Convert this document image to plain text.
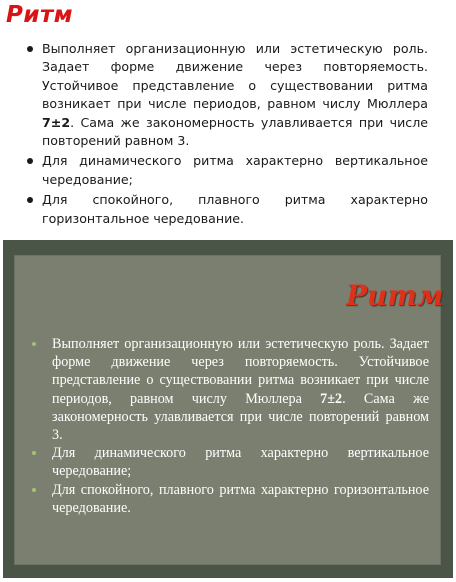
Ритм
Выполняет организационную или эстетическую роль. Задает форме движение через повторяемость. Устойчивое представление о существовании ритма возникает при числе периодов, равном числу Мюллера 7±2. Сама же закономерность улавливается при числе повторений равном 3.
Для динамического ритма характерно вертикальное чередование;
Для спокойного, плавного ритма характерно горизонтальное чередование.
Ритм
Выполняет организационную или эстетическую роль. Задает форме движение через повторяемость. Устойчивое представление о существовании ритма возникает при числе периодов, равном числу Мюллера 7±2. Сама же закономерность улавливается при числе повторений равном 3.
Для динамического ритма характерно вертикальное чередование;
Для спокойного, плавного ритма характерно горизонтальное чередование.
